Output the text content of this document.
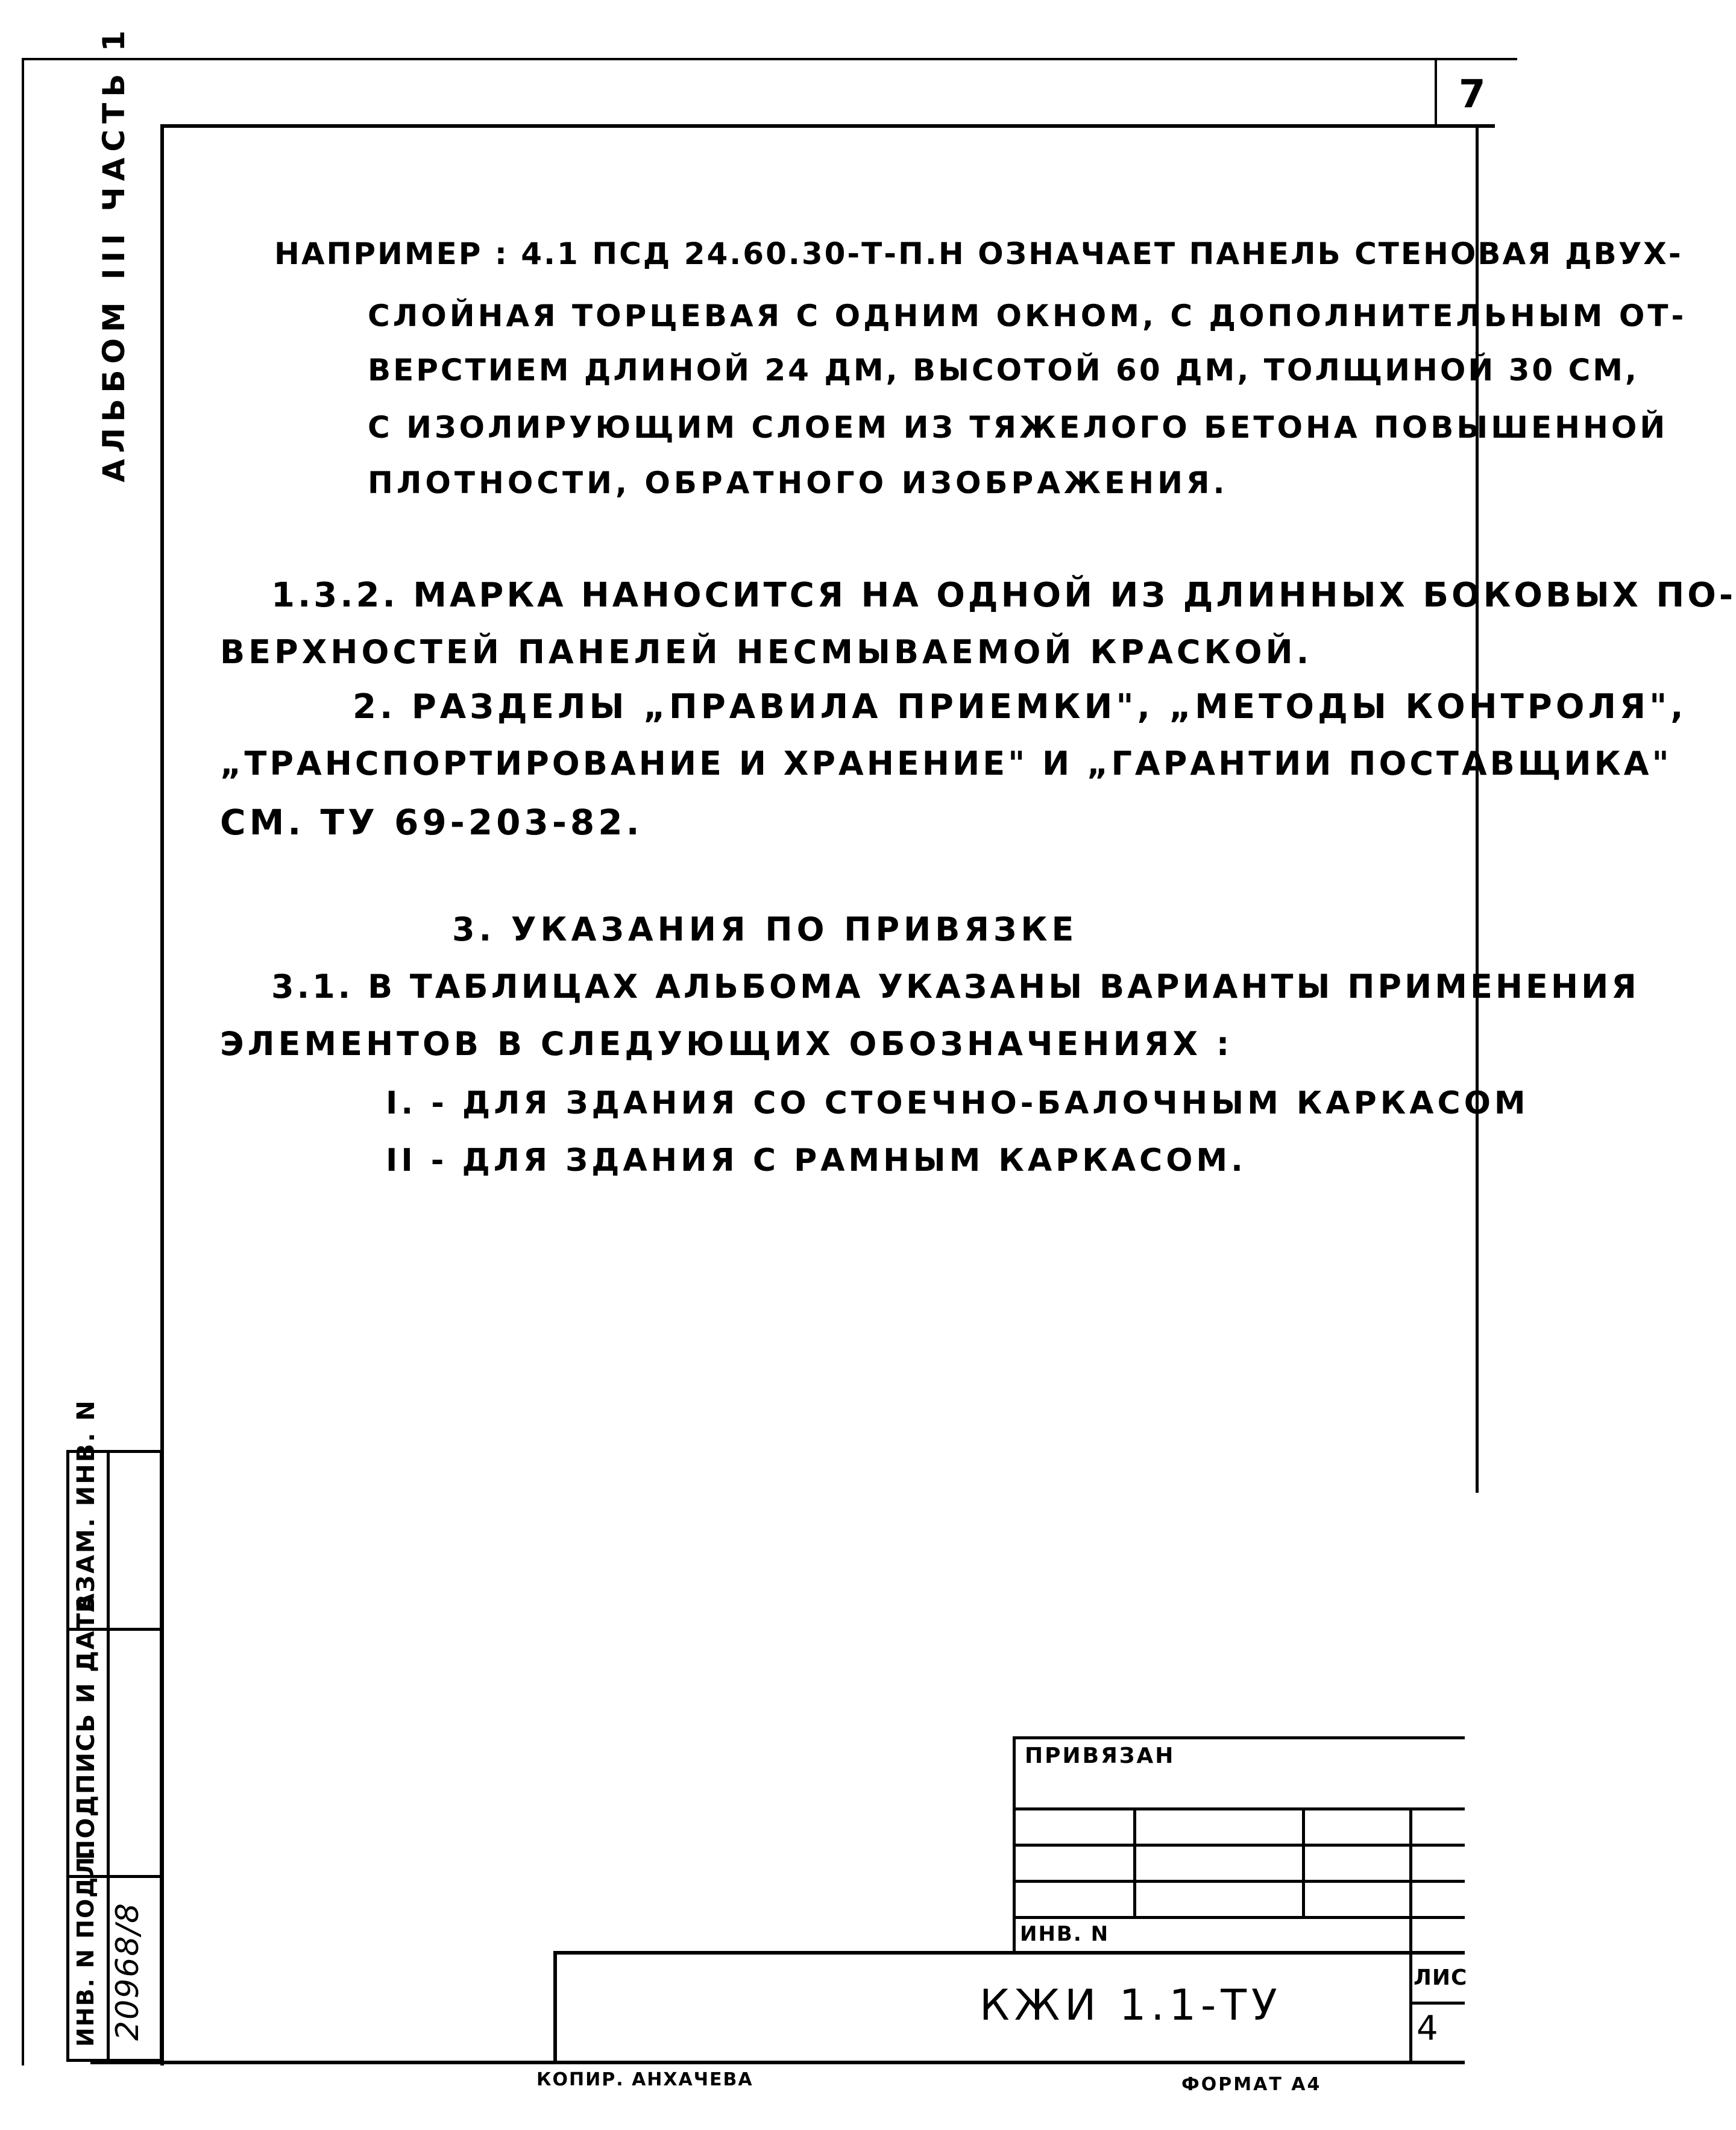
7
АЛЬБОМ III ЧАСТЬ 1	НАПРИМЕР : 4.1 ПСД 24.60.30-Т-П.Н ОЗНАЧАЕТ ПАНЕЛЬ СТЕНОВАЯ ДВУХ-
СЛОЙНАЯ ТОРЦЕВАЯ С ОДНИМ ОКНОМ, С ДОПОЛНИТЕЛЬНЫМ ОТ-
ВЕРСТИЕМ ДЛИНОЙ 24 ДМ, ВЫСОТОЙ 60 ДМ, ТОЛЩИНОЙ 30 СМ,
С ИЗОЛИРУЮЩИМ СЛОЕМ ИЗ ТЯЖЕЛОГО БЕТОНА ПОВЫШЕННОЙ
ПЛОТНОСТИ, ОБРАТНОГО ИЗОБРАЖЕНИЯ.
1.3.2. МАРКА НАНОСИТСЯ НА ОДНОЙ ИЗ ДЛИННЫХ БОКОВЫХ ПО-
ВЕРХНОСТЕЙ ПАНЕЛЕЙ НЕСМЫВАЕМОЙ КРАСКОЙ.
2. РАЗДЕЛЫ „ПРАВИЛА ПРИЕМКИ", „МЕТОДЫ КОНТРОЛЯ",
„ТРАНСПОРТИРОВАНИЕ И ХРАНЕНИЕ" И „ГАРАНТИИ ПОСТАВЩИКА"
СМ. ТУ 69-203-82.
3. УКАЗАНИЯ ПО ПРИВЯЗКЕ
3.1. В ТАБЛИЦАХ АЛЬБОМА УКАЗАНЫ ВАРИАНТЫ ПРИМЕНЕНИЯ
ЭЛЕМЕНТОВ В СЛЕДУЮЩИХ ОБОЗНАЧЕНИЯХ :
I. - ДЛЯ ЗДАНИЯ СО СТОЕЧНО-БАЛОЧНЫМ КАРКАСОМ
II - ДЛЯ ЗДАНИЯ С РАМНЫМ КАРКАСОМ.
ВЗАМ. ИНВ. N
ПОДПИСЬ И ДАТА
ИНВ. N ПОДЛ. 20968/8
ПРИВЯЗАН
ИНВ. N
КЖИ 1.1-ТУ
ЛИС
4
КОПИР. АНХАЧЕВА	ФОРМАТ А4
